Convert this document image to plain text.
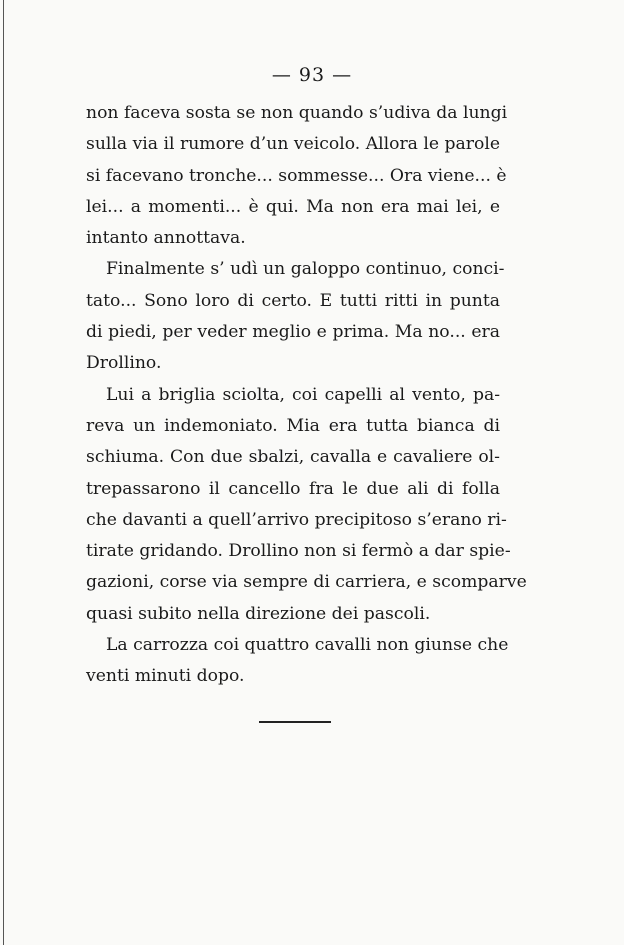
— 93 —
non faceva sosta se non quando s’udiva da lungi
sulla via il rumore d’un veicolo. Allora le parole
si facevano tronche... sommesse... Ora viene... è
lei... a momenti... è qui. Ma non era mai lei, e
intanto annottava.
Finalmente s’ udì un galoppo continuo, conci-
tato... Sono loro di certo. E tutti ritti in punta
di piedi, per veder meglio e prima. Ma no... era
Drollino.
Lui a briglia sciolta, coi capelli al vento, pa-
reva un indemoniato. Mia era tutta bianca di
schiuma. Con due sbalzi, cavalla e cavaliere ol-
trepassarono il cancello fra le due ali di folla
che davanti a quell’arrivo precipitoso s’erano ri-
tirate gridando. Drollino non si fermò a dar spie-
gazioni, corse via sempre di carriera, e scomparve
quasi subito nella direzione dei pascoli.
La carrozza coi quattro cavalli non giunse che
venti minuti dopo.
